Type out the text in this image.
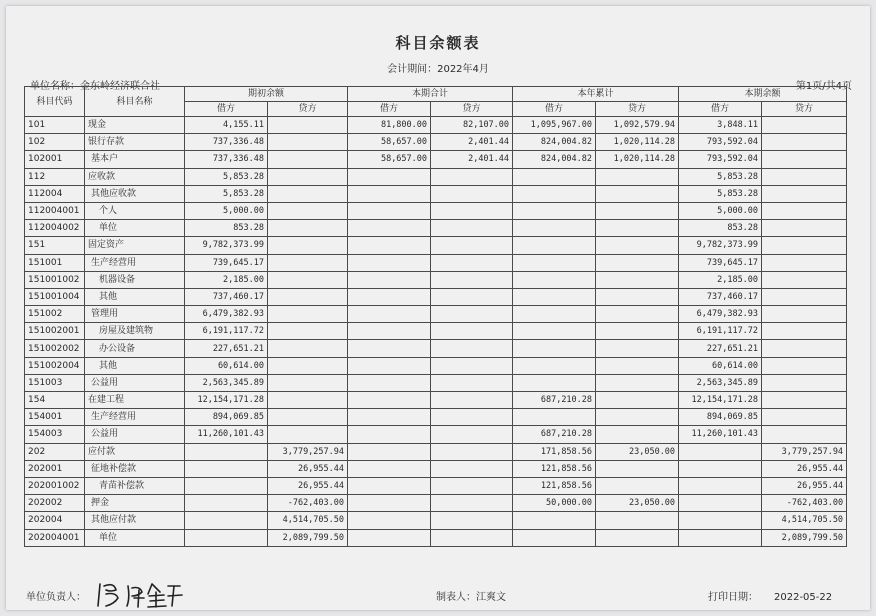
科目余额表
会计期间：2022年4月
单位名称：金东岭经济联合社	第1页/共4页
科目代码	科目名称	期初余额		本期合计		本年累计		本期余额	
		借方	贷方	借方	贷方	借方	贷方	借方	贷方
101	现金	4,155.11		81,800.00	82,107.00	1,095,967.00	1,092,579.94	3,848.11	
102	银行存款	737,336.48		58,657.00	2,401.44	824,004.82	1,020,114.28	793,592.04	
102001	基本户	737,336.48		58,657.00	2,401.44	824,004.82	1,020,114.28	793,592.04	
112	应收款	5,853.28						5,853.28	
112004	其他应收款	5,853.28						5,853.28	
112004001	个人	5,000.00						5,000.00	
112004002	单位	853.28						853.28	
151	固定资产	9,782,373.99						9,782,373.99	
151001	生产经营用	739,645.17						739,645.17	
151001002	机器设备	2,185.00						2,185.00	
151001004	其他	737,460.17						737,460.17	
151002	管理用	6,479,382.93						6,479,382.93	
151002001	房屋及建筑物	6,191,117.72						6,191,117.72	
151002002	办公设备	227,651.21						227,651.21	
151002004	其他	60,614.00						60,614.00	
151003	公益用	2,563,345.89						2,563,345.89	
154	在建工程	12,154,171.28				687,210.28		12,154,171.28	
154001	生产经营用	894,069.85						894,069.85	
154003	公益用	11,260,101.43				687,210.28		11,260,101.43	
202	应付款		3,779,257.94			171,858.56	23,050.00		3,779,257.94
202001	征地补偿款		26,955.44			121,858.56			26,955.44
202001002	青苗补偿款		26,955.44			121,858.56			26,955.44
202002	押金		-762,403.00			50,000.00	23,050.00		-762,403.00
202004	其他应付款		4,514,705.50						4,514,705.50
202004001	单位		2,089,799.50						2,089,799.50
单位负责人：	制表人：江爽文	打印日期： 2022-05-22
